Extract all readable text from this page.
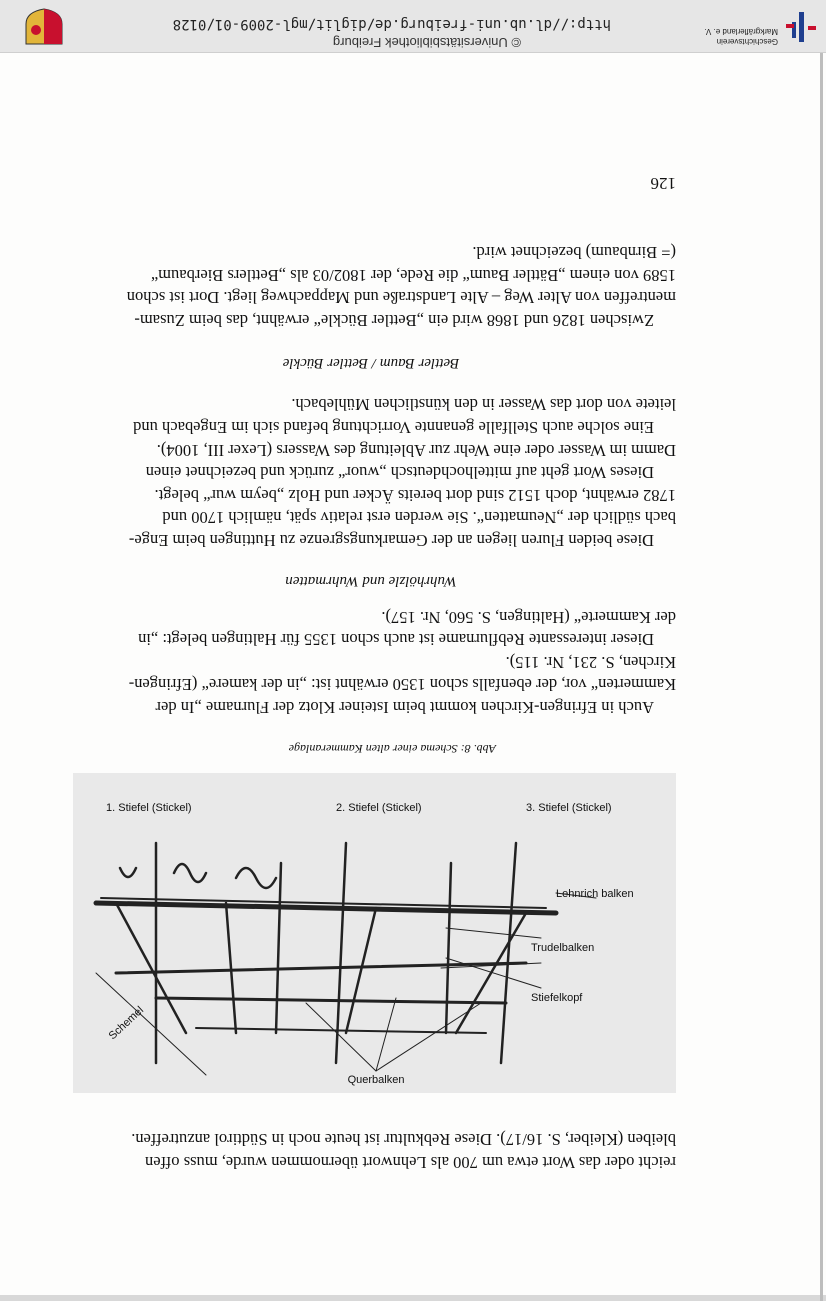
reicht oder das Wort etwa um 700 als Lehnwort übernommen wurde, muss offen

bleiben (Kleiber, S. 16/17). Diese Rebkultur ist heute noch in Südtirol anzutreffen.

Querbalken
Stiefelkopf
Trudelbalken
Lehnrich balken
Schemel
3. Stiefel (Stickel)
2. Stiefel (Stickel)
1. Stiefel (Stickel)
Abb. 8: Schema einer alten Kammeranlage

Auch in Efringen-Kirchen kommt beim Isteiner Klotz der Flurname „In der

Kammerten“ vor, der ebenfalls schon 1350 erwähnt ist: „in der kamere“ (Efringen-

Kirchen, S. 231, Nr. 115).

Dieser interessante Rebflurname ist auch schon 1355 für Haltingen belegt: „in

der Kammerte“ (Haltingen, S. 560, Nr. 157).

Wuhrhölzle und Wuhrmatten

Diese beiden Fluren liegen an der Gemarkungsgrenze zu Huttingen beim Enge-

bach südlich der „Neumatten“. Sie werden erst relativ spät, nämlich 1700 und

1782 erwähnt, doch 1512 sind dort bereits Äcker und Holz „beym wur“ belegt.

Dieses Wort geht auf mittelhochdeutsch „wuor“ zurück und bezeichnet einen

Damm im Wasser oder eine Wehr zur Ableitung des Wassers (Lexer III, 1004).

Eine solche auch Stellfalle genannte Vorrichtung befand sich im Engebach und

leitete von dort das Wasser in den künstlichen Mühlebach.

Bettler Baum / Bettler Bückle

Zwischen 1826 und 1868 wird ein „Bettler Bückle“ erwähnt, das beim Zusam-

mentreffen von Alter Weg – Alte Landstraße und Mappachweg liegt. Dort ist schon

1589 von einem „Bättler Baum“ die Rede, der 1802/03 als „Bettlers Bierbaum“

(= Birnbaum) bezeichnet wird.

126
© Universitätsbibliothek Freiburg
http://dl.ub.uni-freiburg.de/diglit/mgl-2009-01/0128
Geschichtsverein
Markgräflerland e. V.
